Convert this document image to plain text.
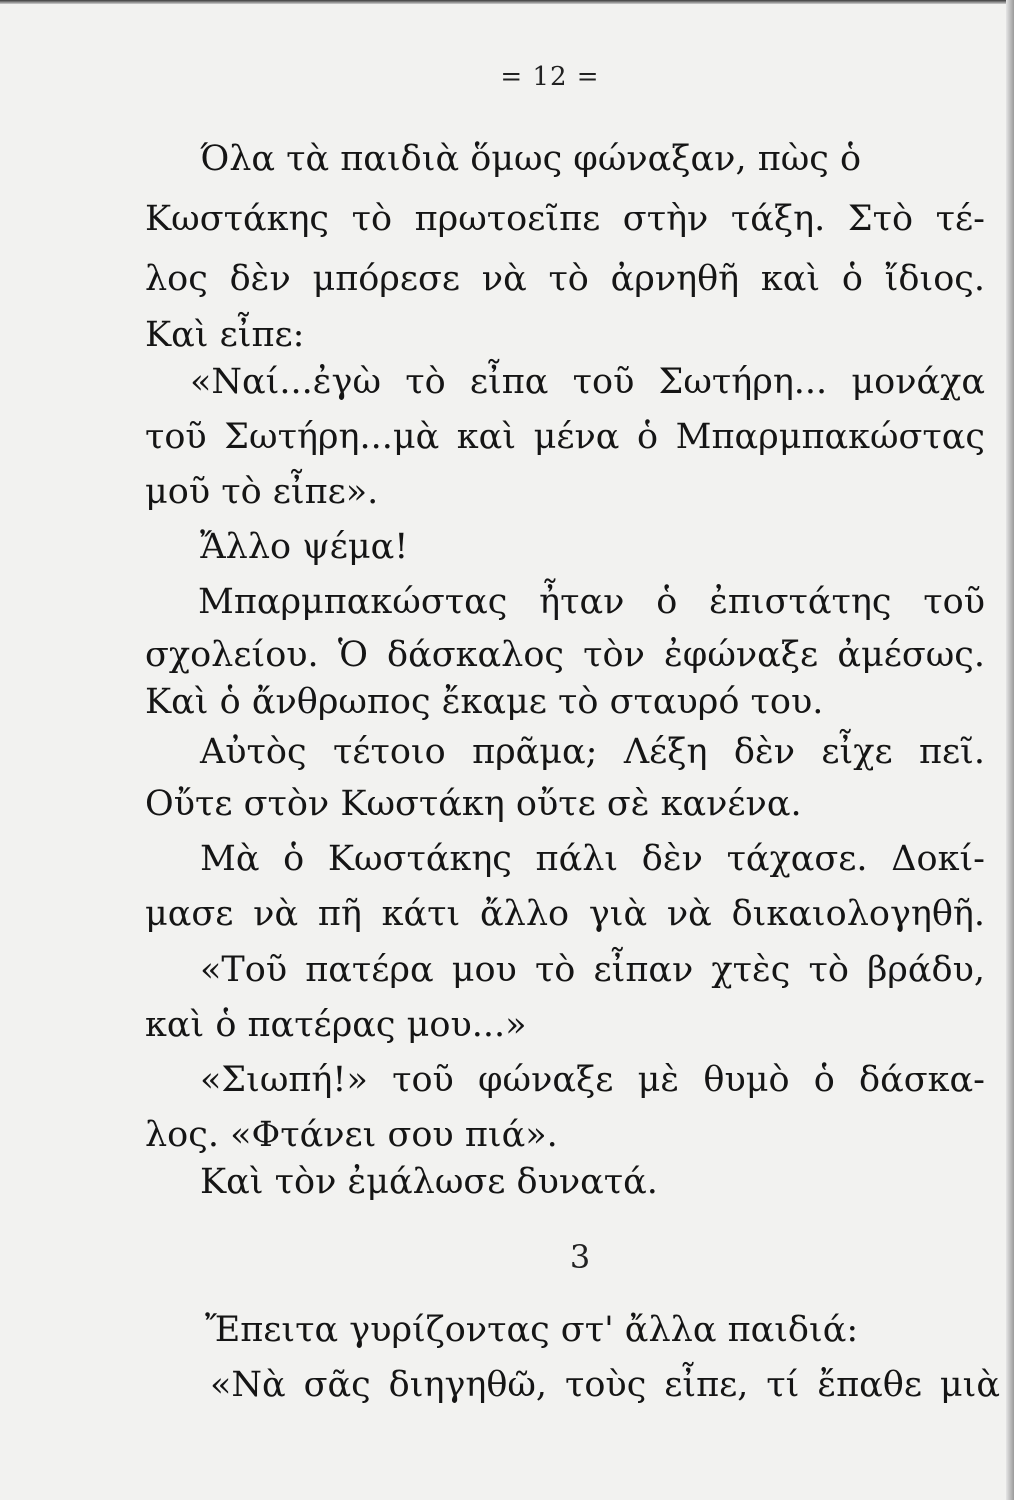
= 12 =
Όλα τὰ παιδιὰ ὅμως φώναξαν, πὼς ὁ
Κωστάκης τὸ πρωτοεῖπε στὴν τάξη. Στὸ τέ-
λος δὲν μπόρεσε νὰ τὸ ἀρνηθῆ καὶ ὁ ἴδιος.
Καὶ εἶπε:
«Ναί...ἐγὼ τὸ εἶπα τοῦ Σωτήρη... μονάχα
τοῦ Σωτήρη...μὰ καὶ μένα ὁ Μπαρμπακώστας
μοῦ τὸ εἶπε».
Ἄλλο ψέμα!
Μπαρμπακώστας ἦταν ὁ ἐπιστάτης τοῦ
σχολείου. Ὁ δάσκαλος τὸν ἐφώναξε ἀμέσως.
Καὶ ὁ ἄνθρωπος ἔκαμε τὸ σταυρό του.
Αὐτὸς τέτοιο πρᾶμα; Λέξη δὲν εἶχε πεῖ.
Οὔτε στὸν Κωστάκη οὔτε σὲ κανένα.
Μὰ ὁ Κωστάκης πάλι δὲν τάχασε. Δοκί-
μασε νὰ πῆ κάτι ἄλλο γιὰ νὰ δικαιολογηθῆ.
«Τοῦ πατέρα μου τὸ εἶπαν χτὲς τὸ βράδυ,
καὶ ὁ πατέρας μου...»
«Σιωπή!» τοῦ φώναξε μὲ θυμὸ ὁ δάσκα-
λος. «Φτάνει σου πιά».
Καὶ τὸν ἐμάλωσε δυνατά.
3
Ἔπειτα γυρίζοντας στ' ἄλλα παιδιά:
«Νὰ σᾶς διηγηθῶ, τοὺς εἶπε, τί ἔπαθε μιὰ
